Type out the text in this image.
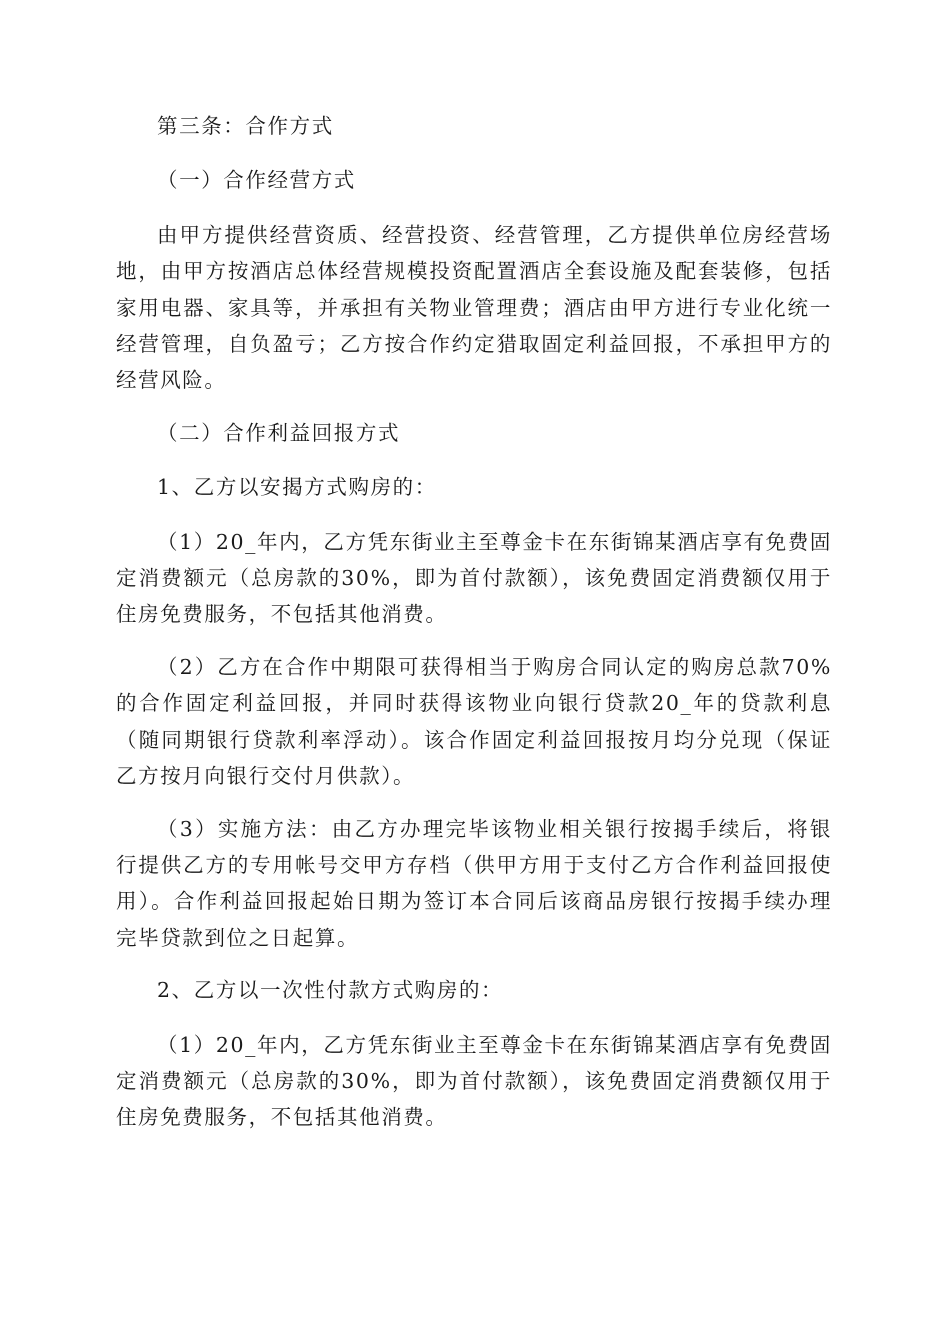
第三条：合作方式

（一）合作经营方式

由甲方提供经营资质、经营投资、经营管理，乙方提供单位房经营场地，由甲方按酒店总体经营规模投资配置酒店全套设施及配套装修，包括家用电器、家具等，并承担有关物业管理费；酒店由甲方进行专业化统一经营管理，自负盈亏；乙方按合作约定猎取固定利益回报，不承担甲方的经营风险。

（二）合作利益回报方式

1、乙方以安揭方式购房的：

（1）20_年内，乙方凭东街业主至尊金卡在东街锦某酒店享有免费固定消费额元（总房款的30%，即为首付款额），该免费固定消费额仅用于住房免费服务，不包括其他消费。

（2）乙方在合作中期限可获得相当于购房合同认定的购房总款70%的合作固定利益回报，并同时获得该物业向银行贷款20_年的贷款利息（随同期银行贷款利率浮动）。该合作固定利益回报按月均分兑现（保证乙方按月向银行交付月供款）。

（3）实施方法：由乙方办理完毕该物业相关银行按揭手续后，将银行提供乙方的专用帐号交甲方存档（供甲方用于支付乙方合作利益回报使用）。合作利益回报起始日期为签订本合同后该商品房银行按揭手续办理完毕贷款到位之日起算。

2、乙方以一次性付款方式购房的：

（1）20_年内，乙方凭东街业主至尊金卡在东街锦某酒店享有免费固定消费额元（总房款的30%，即为首付款额），该免费固定消费额仅用于住房免费服务，不包括其他消费。
